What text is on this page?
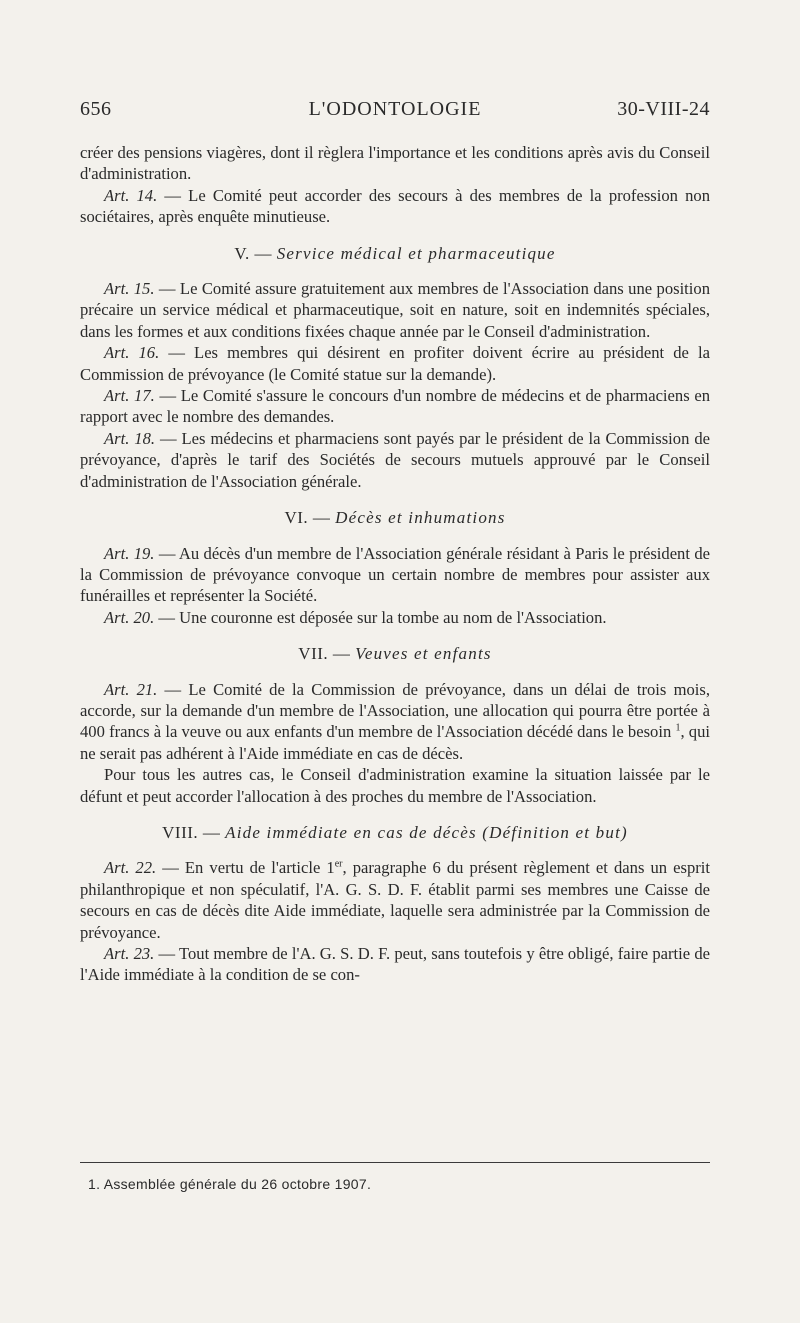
656	L'ODONTOLOGIE	30-VIII-24

créer des pensions viagères, dont il règlera l'importance et les conditions après avis du Conseil d'administration.

Art. 14. — Le Comité peut accorder des secours à des membres de la profession non sociétaires, après enquête minutieuse.

V. — Service médical et pharmaceutique

Art. 15. — Le Comité assure gratuitement aux membres de l'Association dans une position précaire un service médical et pharmaceutique, soit en nature, soit en indemnités spéciales, dans les formes et aux conditions fixées chaque année par le Conseil d'administration.

Art. 16. — Les membres qui désirent en profiter doivent écrire au président de la Commission de prévoyance (le Comité statue sur la demande).

Art. 17. — Le Comité s'assure le concours d'un nombre de médecins et de pharmaciens en rapport avec le nombre des demandes.

Art. 18. — Les médecins et pharmaciens sont payés par le président de la Commission de prévoyance, d'après le tarif des Sociétés de secours mutuels approuvé par le Conseil d'administration de l'Association générale.

VI. — Décès et inhumations

Art. 19. — Au décès d'un membre de l'Association générale résidant à Paris le président de la Commission de prévoyance convoque un certain nombre de membres pour assister aux funérailles et représenter la Société.

Art. 20. — Une couronne est déposée sur la tombe au nom de l'Association.

VII. — Veuves et enfants

Art. 21. — Le Comité de la Commission de prévoyance, dans un délai de trois mois, accorde, sur la demande d'un membre de l'Association, une allocation qui pourra être portée à 400 francs à la veuve ou aux enfants d'un membre de l'Association décédé dans le besoin $^1$, qui ne serait pas adhérent à l'Aide immédiate en cas de décès.

Pour tous les autres cas, le Conseil d'administration examine la situation laissée par le défunt et peut accorder l'allocation à des proches du membre de l'Association.

VIII. — Aide immédiate en cas de décès (Définition et but)

Art. 22. — En vertu de l'article 1er, paragraphe 6 du présent règlement et dans un esprit philanthropique et non spéculatif, l'A. G. S. D. F. établit parmi ses membres une Caisse de secours en cas de décès dite Aide immédiate, laquelle sera administrée par la Commission de prévoyance.

Art. 23. — Tout membre de l'A. G. S. D. F. peut, sans toutefois y être obligé, faire partie de l'Aide immédiate à la condition de se con-

1. Assemblée générale du 26 octobre 1907.
